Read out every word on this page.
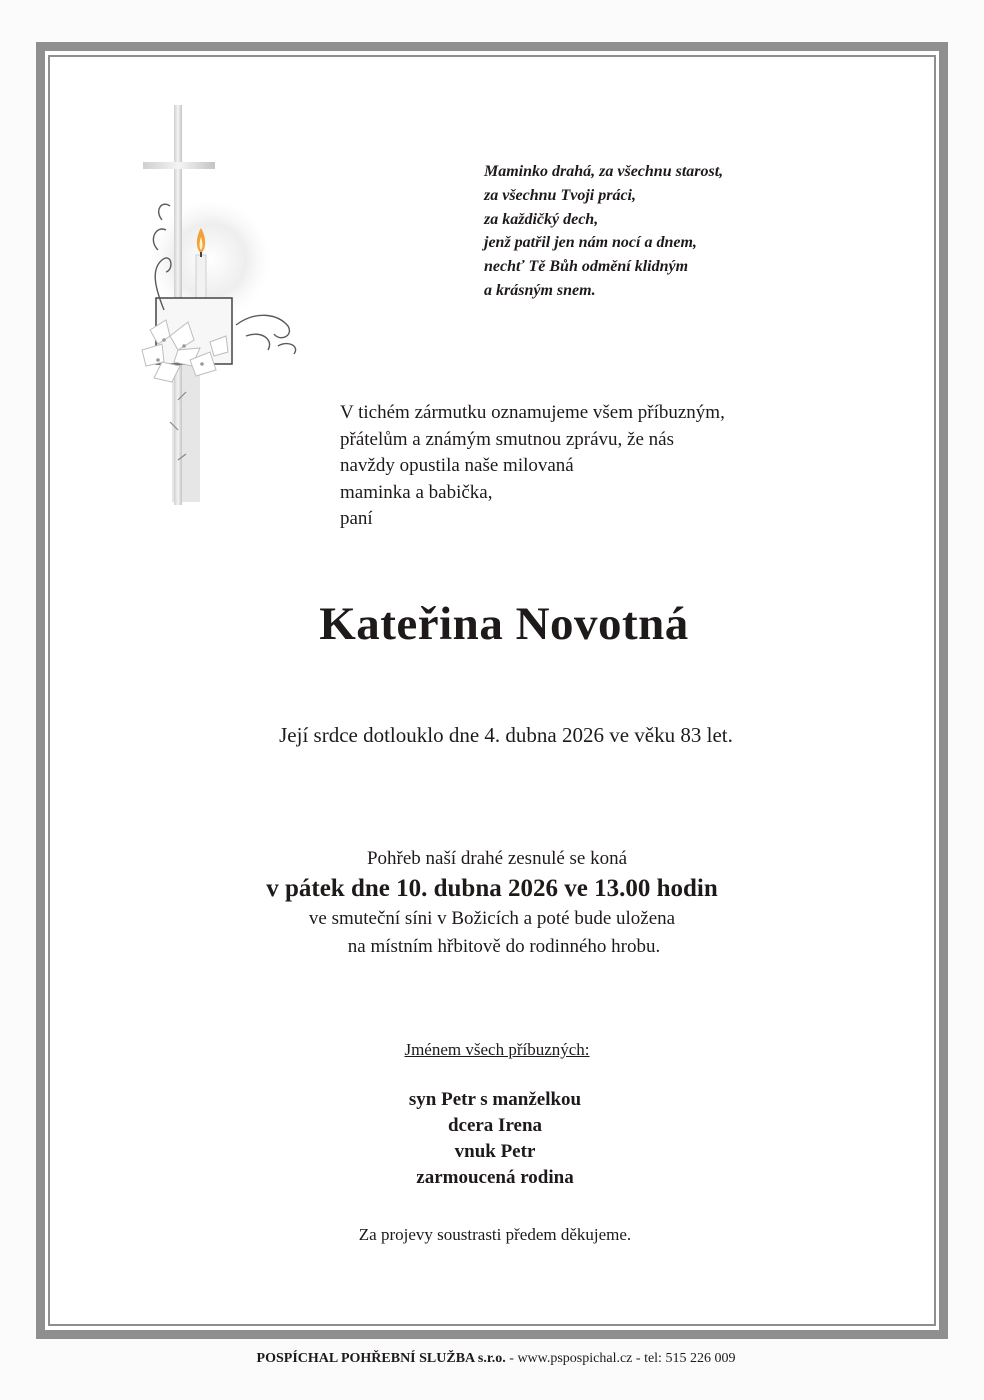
Maminko drahá, za všechnu starost,
za všechnu Tvoji práci,
za každičký dech,
jenž patřil jen nám nocí a dnem,
nechť Tě Bůh odmění klidným
a krásným snem.
V tichém zármutku oznamujeme všem příbuzným,
přátelům a známým smutnou zprávu, že nás
navždy opustila naše milovaná
maminka a babička,
paní
Kateřina Novotná
Její srdce dotlouklo dne 4. dubna 2026 ve věku 83 let.
Pohřeb naší drahé zesnulé se koná
v pátek dne 10. dubna 2026 ve 13.00 hodin
ve smuteční síni v Božicích a poté bude uložena
na místním hřbitově do rodinného hrobu.
Jménem všech příbuzných:
syn Petr s manželkou
dcera Irena
vnuk Petr
zarmoucená rodina
Za projevy soustrasti předem děkujeme.
POSPÍCHAL POHŘEBNÍ SLUŽBA s.r.o. - www.pspospichal.cz - tel: 515 226 009
